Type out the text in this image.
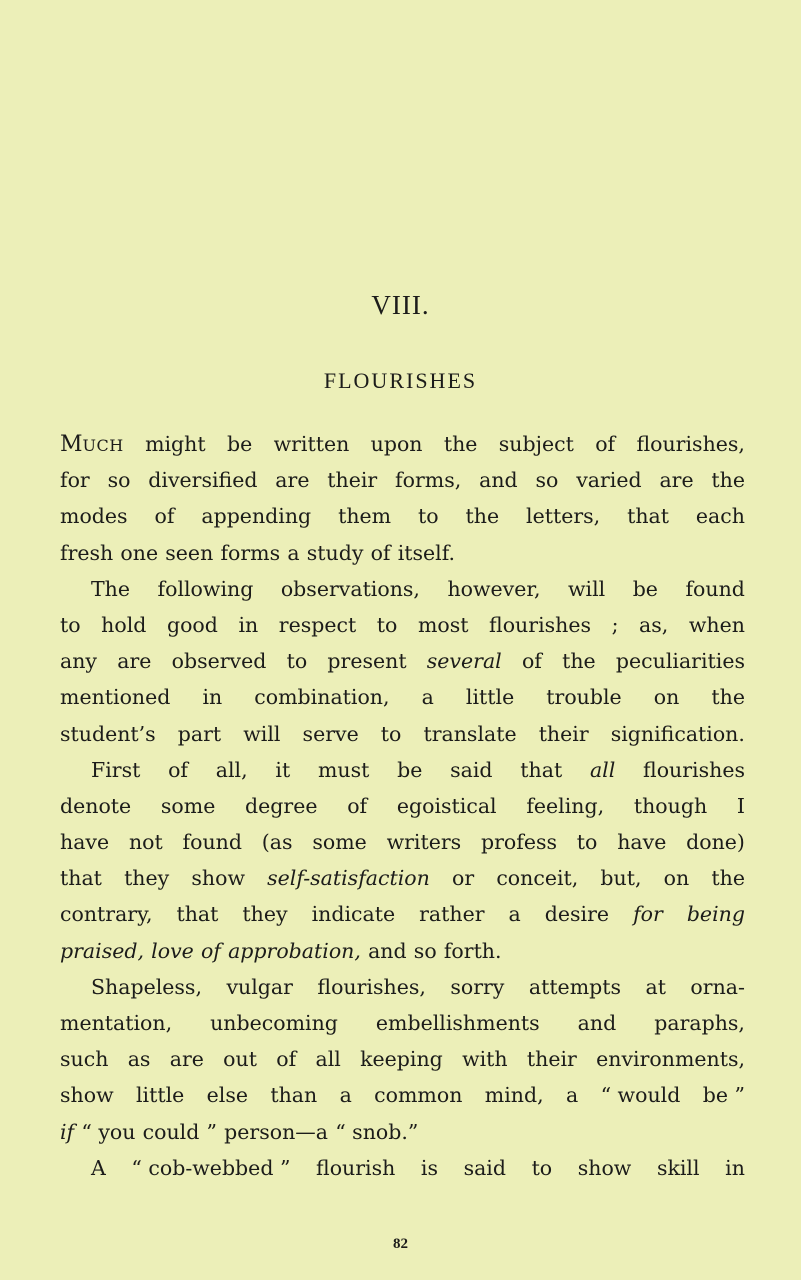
VIII.
FLOURISHES
MUCH might be written upon the subject of flourishes,
for so diversified are their forms, and so varied are the
modes of appending them to the letters, that each
fresh one seen forms a study of itself.
The following observations, however, will be found
to hold good in respect to most flourishes ; as, when
any are observed to present several of the peculiarities
mentioned in combination, a little trouble on the
student’s part will serve to translate their signification.
First of all, it must be said that all flourishes
denote some degree of egoistical feeling, though I
have not found (as some writers profess to have done)
that they show self-satisfaction or conceit, but, on the
contrary, that they indicate rather a desire for being
praised, love of approbation, and so forth.
Shapeless, vulgar flourishes, sorry attempts at orna-
mentation, unbecoming embellishments and paraphs,
such as are out of all keeping with their environments,
show little else than a common mind, a “ would be ”
if “ you could ” person—a “ snob.”
A “ cob-webbed ” flourish is said to show skill in
82
